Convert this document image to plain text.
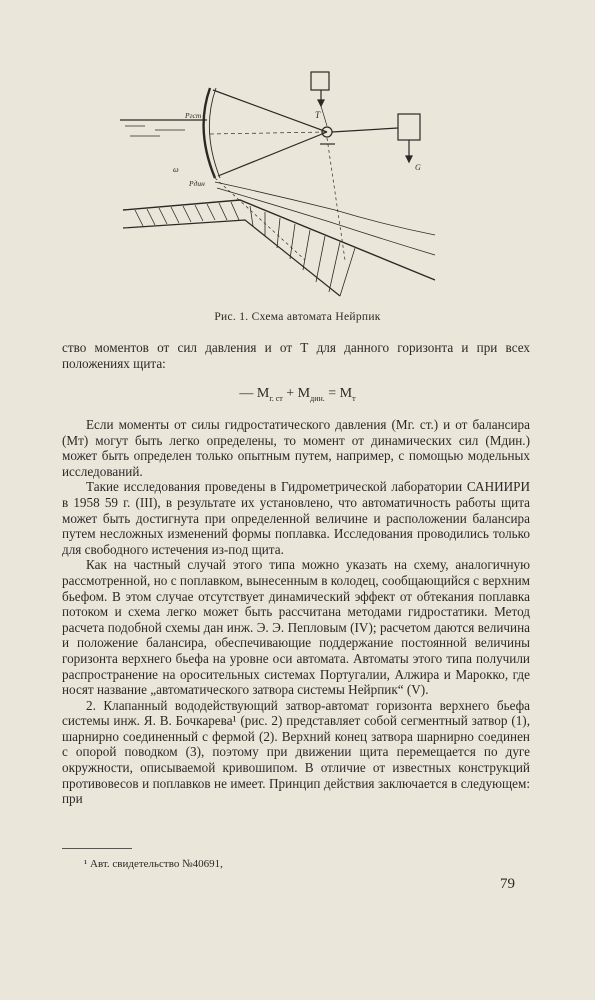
Pгст
Pдин
ω
T
G
Рис. 1. Схема автомата Нейрпик

ство моментов от сил давления и от Т для данного горизонта и при всех положениях щита:

— $M_{г. ст} + M_{дин.} = M_т$

Если моменты от силы гидростатического давления (Mг. ст.) и от балансира (Mт) могут быть легко определены, то момент от динамических сил (Mдин.) может быть определен только опытным путем, например, с помощью модельных исследований.

Такие исследования проведены в Гидрометрической лаборатории САНИИРИ в 1958 59 г. (III), в результате их установлено, что автоматичность работы щита может быть достигнута при определенной величине и расположении балансира путем несложных изменений формы поплавка. Исследования проводились только для свободного истечения из-под щита.

Как на частный случай этого типа можно указать на схему, аналогичную рассмотренной, но с поплавком, вынесенным в колодец, сообщающийся с верхним бьефом. В этом случае отсутствует динамический эффект от обтекания поплавка потоком и схема легко может быть рассчитана методами гидростатики. Метод расчета подобной схемы дан инж. Э. Э. Пепловым (IV); расчетом даются величина и положение балансира, обеспечивающие поддержание постоянной величины горизонта верхнего бьефа на уровне оси автомата. Автоматы этого типа получили распространение на оросительных системах Португалии, Алжира и Марокко, где носят название „автоматического затвора системы Нейрпик“ (V).

2. Клапанный вододействующий затвор-автомат горизонта верхнего бьефа системы инж. Я. В. Бочкарева¹ (рис. 2) представляет собой сегментный затвор (1), шарнирно соединенный с фермой (2). Верхний конец затвора шарнирно соединен с опорой поводком (3), поэтому при движении щита перемещается по дуге окружности, описываемой кривошипом. В отличие от известных конструкций противовесов и поплавков не имеет. Принцип действия заключается в следующем: при

¹ Авт. свидетельство №40691,
79
